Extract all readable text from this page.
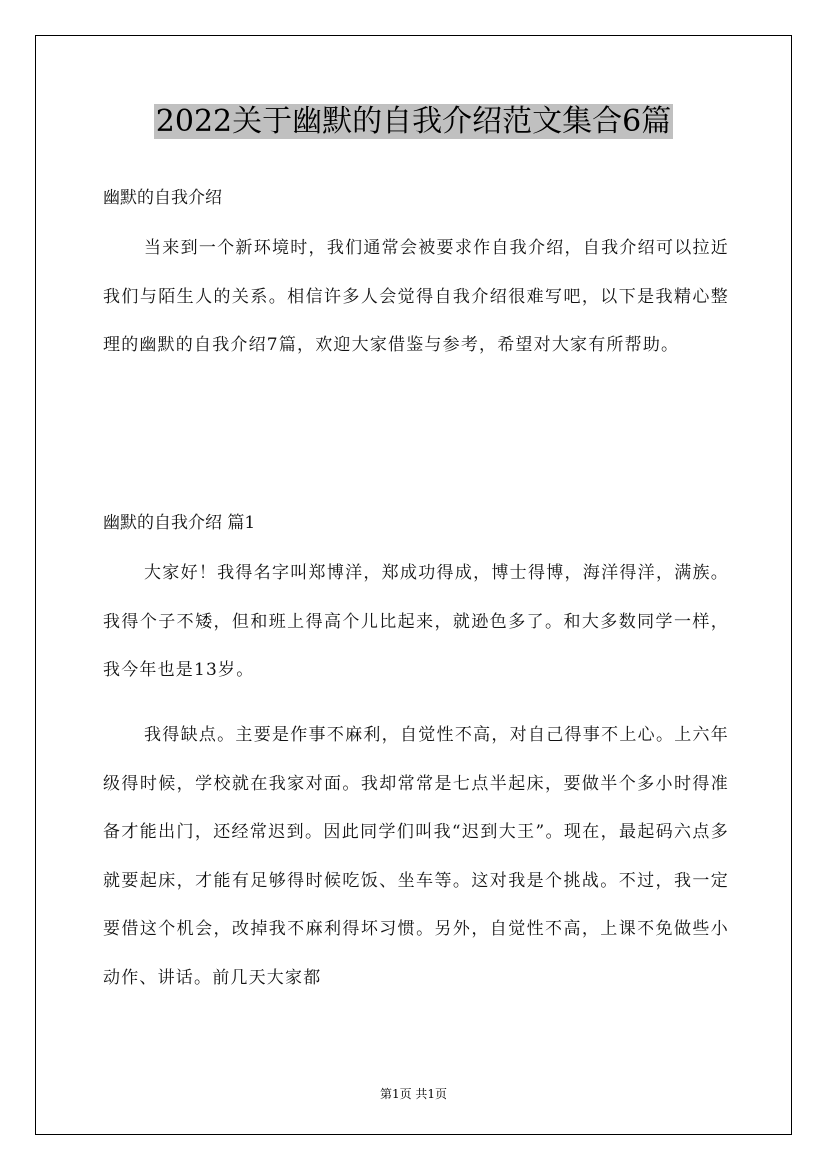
2022关于幽默的自我介绍范文集合6篇
幽默的自我介绍
当来到一个新环境时，我们通常会被要求作自我介绍，自我介绍可以拉近我们与陌生人的关系。相信许多人会觉得自我介绍很难写吧，以下是我精心整理的幽默的自我介绍7篇，欢迎大家借鉴与参考，希望对大家有所帮助。
幽默的自我介绍 篇1
大家好！我得名字叫郑博洋，郑成功得成，博士得博，海洋得洋，满族。我得个子不矮，但和班上得高个儿比起来，就逊色多了。和大多数同学一样，我今年也是13岁。
我得缺点。主要是作事不麻利，自觉性不高，对自己得事不上心。上六年级得时候，学校就在我家对面。我却常常是七点半起床，要做半个多小时得准备才能出门，还经常迟到。因此同学们叫我“迟到大王”。现在，最起码六点多就要起床，才能有足够得时候吃饭、坐车等。这对我是个挑战。不过，我一定要借这个机会，改掉我不麻利得坏习惯。另外，自觉性不高，上课不免做些小动作、讲话。前几天大家都
第1页 共1页
